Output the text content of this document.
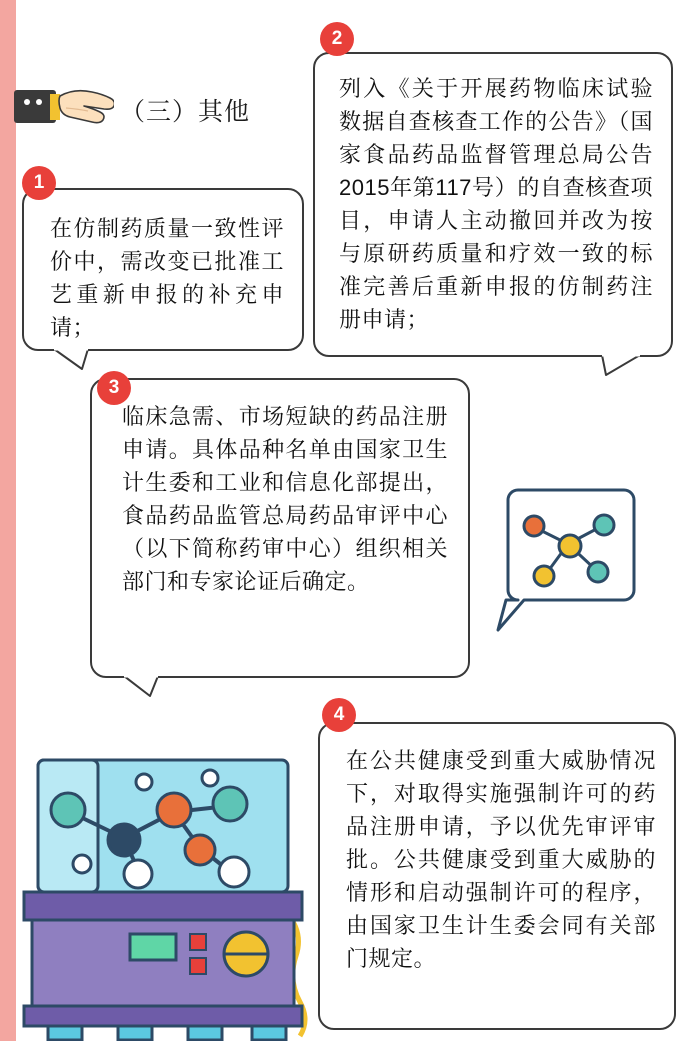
（三）其他
2
列入《关于开展药物临床试验数据自查核查工作的公告》（国家食品药品监督管理总局公告2015年第117号）的自查核查项目，申请人主动撤回并改为按与原研药质量和疗效一致的标准完善后重新申报的仿制药注册申请；
1
在仿制药质量一致性评价中，需改变已批准工艺重新申报的补充申请；
3
临床急需、市场短缺的药品注册申请。具体品种名单由国家卫生计生委和工业和信息化部提出，食品药品监管总局药品审评中心（以下简称药审中心）组织相关部门和专家论证后确定。
4
在公共健康受到重大威胁情况下，对取得实施强制许可的药品注册申请，予以优先审评审批。公共健康受到重大威胁的情形和启动强制许可的程序，由国家卫生计生委会同有关部门规定。
